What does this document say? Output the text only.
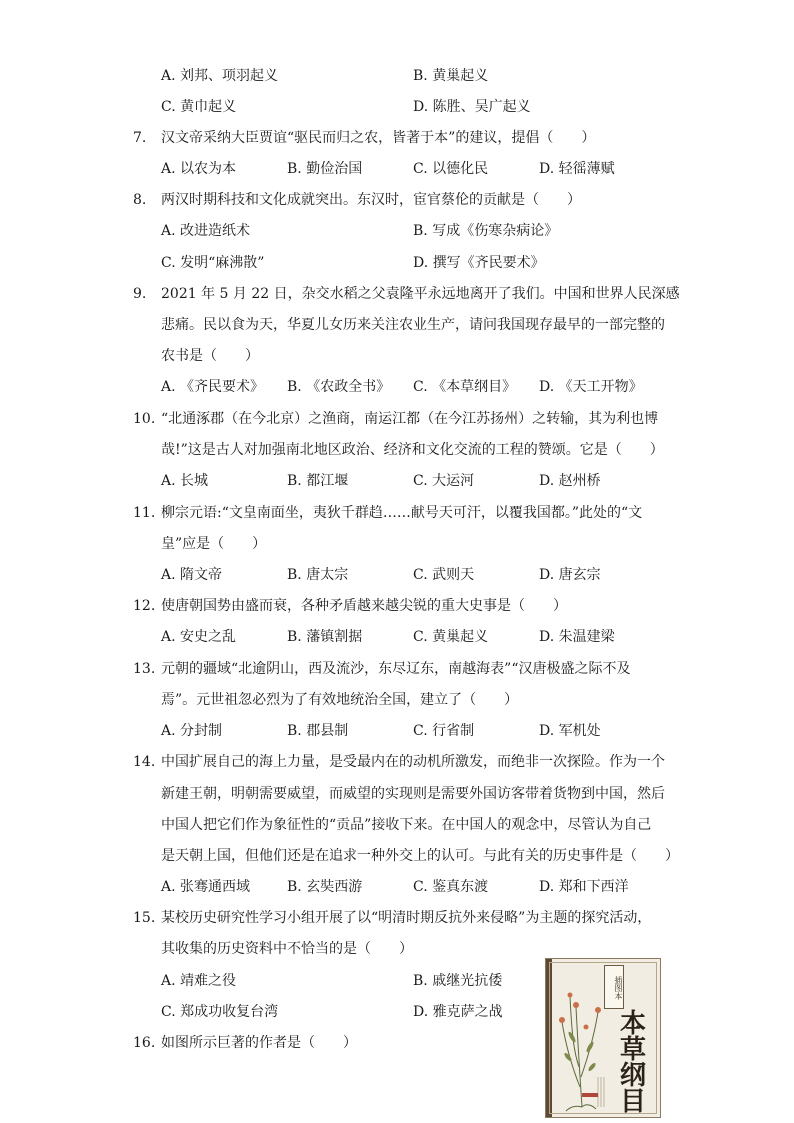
A. 刘邦、项羽起义	B. 黄巢起义
C. 黄巾起义	D. 陈胜、吴广起义
7. 汉文帝采纳大臣贾谊“驱民而归之农，皆著于本”的建议，提倡（　　）
A. 以农为本	B. 勤俭治国	C. 以德化民	D. 轻徭薄赋
8. 两汉时期科技和文化成就突出。东汉时，宦官蔡伦的贡献是（　　）
A. 改进造纸术	B. 写成《伤寒杂病论》
C. 发明“麻沸散”	D. 撰写《齐民要术》
9. 2021 年 5 月 22 日，杂交水稻之父袁隆平永远地离开了我们。中国和世界人民深感
悲痛。民以食为天，华夏儿女历来关注农业生产，请问我国现存最早的一部完整的
农书是（　　）
A. 《齐民要术》 B. 《农政全书》 C. 《本草纲目》 D. 《天工开物》
10. “北通涿郡（在今北京）之渔商，南运江都（在今江苏扬州）之转输，其为利也博
哉!”这是古人对加强南北地区政治、经济和文化交流的工程的赞颂。它是（　　）
A. 长城	B. 都江堰	C. 大运河	D. 赵州桥
11. 柳宗元语:“文皇南面坐，夷狄千群趋……献号天可汗，以覆我国都。”此处的“文
皇”应是（　　）
A. 隋文帝	B. 唐太宗	C. 武则天	D. 唐玄宗
12. 使唐朝国势由盛而衰，各种矛盾越来越尖锐的重大史事是（　　）
A. 安史之乱	B. 藩镇割据	C. 黄巢起义	D. 朱温建梁
13. 元朝的疆域“北逾阴山，西及流沙，东尽辽东，南越海表”“汉唐极盛之际不及
焉”。元世祖忽必烈为了有效地统治全国，建立了（　　）
A. 分封制	B. 郡县制	C. 行省制	D. 军机处
14. 中国扩展自己的海上力量，是受最内在的动机所激发，而绝非一次探险。作为一个
新建王朝，明朝需要威望，而威望的实现则是需要外国访客带着货物到中国，然后
中国人把它们作为象征性的“贡品”接收下来。在中国人的观念中，尽管认为自己
是天朝上国，但他们还是在追求一种外交上的认可。与此有关的历史事件是（　　）
A. 张骞通西域	B. 玄奘西游	C. 鉴真东渡	D. 郑和下西洋
15. 某校历史研究性学习小组开展了以“明清时期反抗外来侵略”为主题的探究活动，
其收集的历史资料中不恰当的是（　　）
A. 靖难之役	B. 戚继光抗倭
C. 郑成功收复台湾	D. 雅克萨之战
16. 如图所示巨著的作者是（　　）
插图本
本
草
纲
目
